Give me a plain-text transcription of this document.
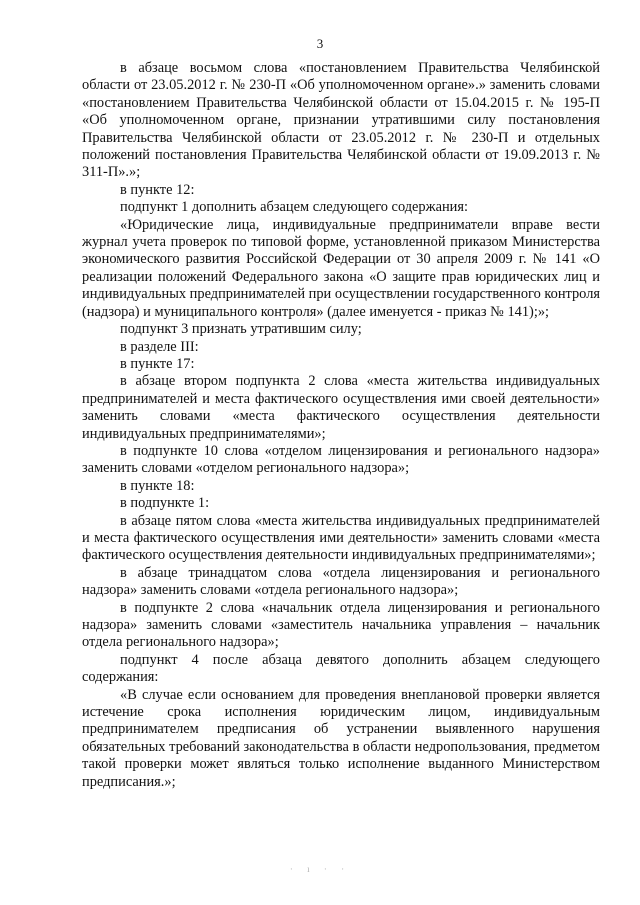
3

в абзаце восьмом слова «постановлением Правительства Челябинской области от 23.05.2012 г. № 230-П «Об уполномоченном органе».» заменить словами «постановлением Правительства Челябинской области от 15.04.2015 г. № 195-П «Об уполномоченном органе, признании утратившими силу постановления Правительства Челябинской области от 23.05.2012 г. № 230-П и отдельных положений постановления Правительства Челябинской области от 19.09.2013 г. № 311-П».»;

в пункте 12:

подпункт 1 дополнить абзацем следующего содержания:

«Юридические лица, индивидуальные предприниматели вправе вести журнал учета проверок по типовой форме, установленной приказом Министерства экономического развития Российской Федерации от 30 апреля 2009 г. № 141 «О реализации положений Федерального закона «О защите прав юридических лиц и индивидуальных предпринимателей при осуществлении государственного контроля (надзора) и муниципального контроля» (далее именуется - приказ № 141);»;

подпункт 3 признать утратившим силу;

в разделе III:

в пункте 17:

в абзаце втором подпункта 2 слова «места жительства индивидуальных предпринимателей и места фактического осуществления ими своей деятельности» заменить словами «места фактического осуществления деятельности индивидуальных предпринимателями»;

в подпункте 10 слова «отделом лицензирования и регионального надзора» заменить словами «отделом регионального надзора»;

в пункте 18:

в подпункте 1:

в абзаце пятом слова «места жительства индивидуальных предпринимателей и места фактического осуществления ими деятельности» заменить словами «места фактического осуществления деятельности индивидуальных предпринимателями»;

в абзаце тринадцатом слова «отдела лицензирования и регионального надзора» заменить словами «отдела регионального надзора»;

в подпункте 2 слова «начальник отдела лицензирования и регионального надзора» заменить словами «заместитель начальника управления – начальник отдела регионального надзора»;

подпункт 4 после абзаца девятого дополнить абзацем следующего содержания:

«В случае если основанием для проведения внеплановой проверки является истечение срока исполнения юридическим лицом, индивидуальным предпринимателем предписания об устранении выявленного нарушения обязательных требований законодательства в области недропользования, предметом такой проверки может являться только исполнение выданного Министерством предписания.»;

· ı · ·
